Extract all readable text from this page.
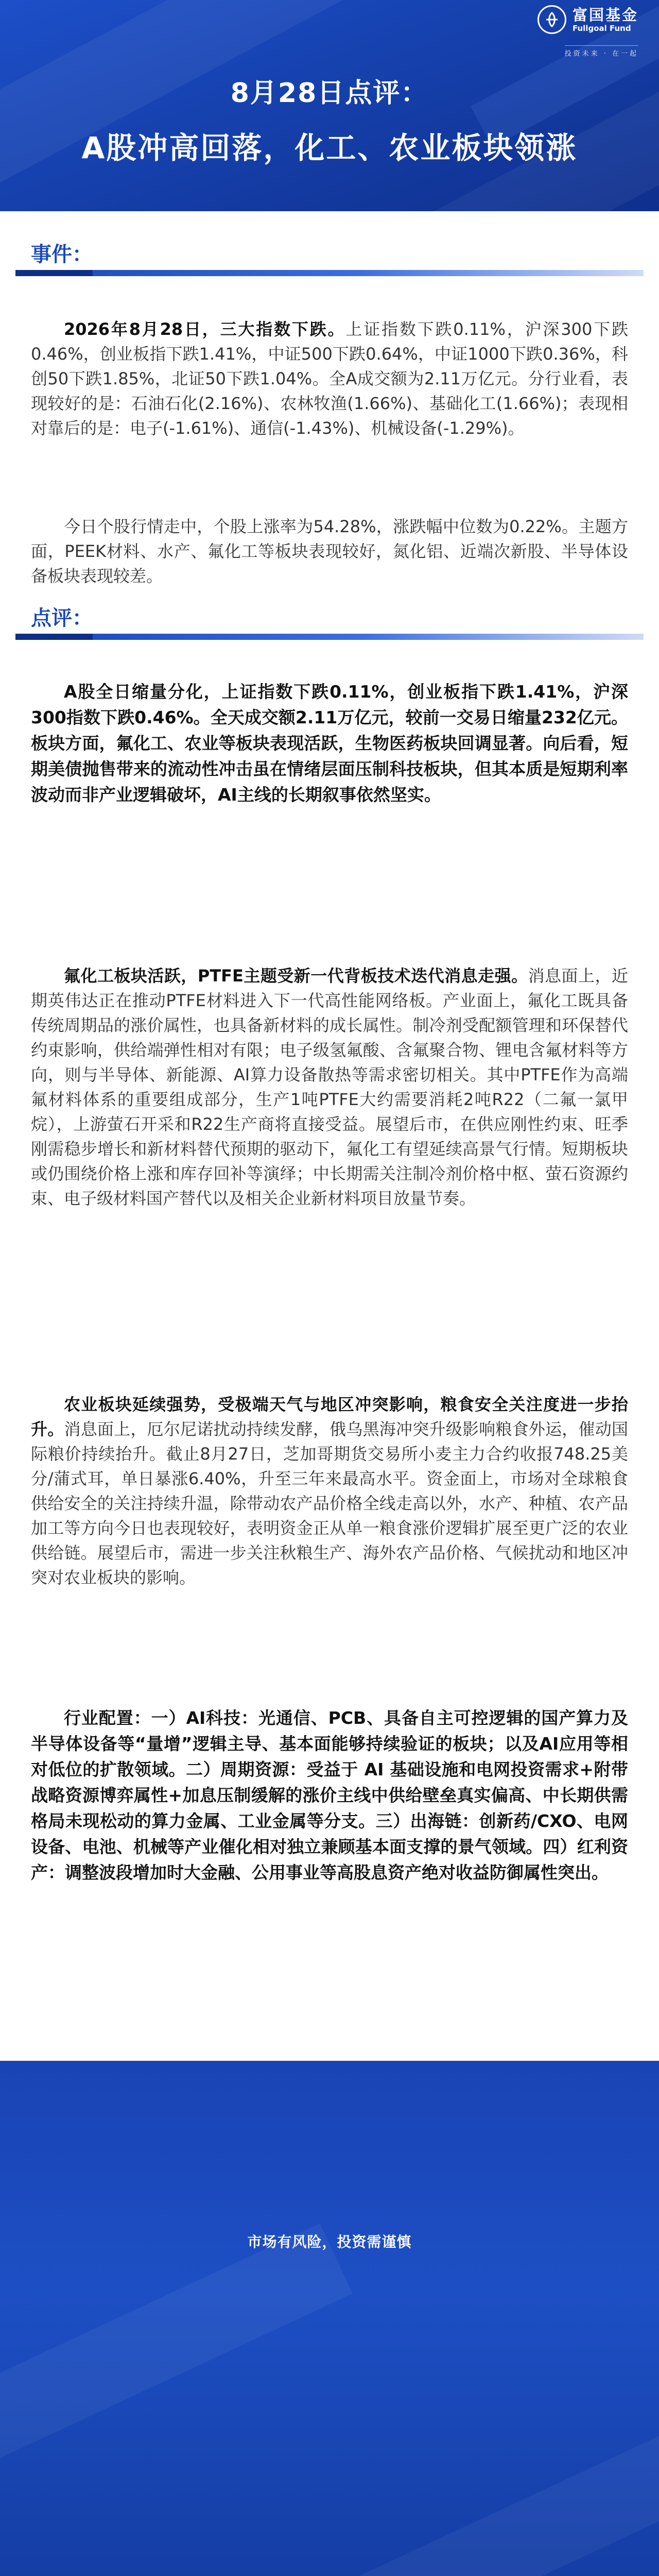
富国基金
Fullgoal Fund
投资未来 · 在一起
8月28日点评：
A股冲高回落，化工、农业板块领涨
事件：
2026年8月28日，三大指数下跌。上证指数下跌0.11%，沪深300下跌0.46%，创业板指下跌1.41%，中证500下跌0.64%，中证1000下跌0.36%，科创50下跌1.85%，北证50下跌1.04%。全A成交额为2.11万亿元。分行业看，表现较好的是：石油石化(2.16%)、农林牧渔(1.66%)、基础化工(1.66%)；表现相对靠后的是：电子(-1.61%)、通信(-1.43%)、机械设备(-1.29%)。
今日个股行情走中，个股上涨率为54.28%，涨跌幅中位数为0.22%。主题方面，PEEK材料、水产、氟化工等板块表现较好，氮化铝、近端次新股、半导体设备板块表现较差。
点评：
A股全日缩量分化，上证指数下跌0.11%，创业板指下跌1.41%，沪深300指数下跌0.46%。全天成交额2.11万亿元，较前一交易日缩量232亿元。板块方面，氟化工、农业等板块表现活跃，生物医药板块回调显著。向后看，短期美债抛售带来的流动性冲击虽在情绪层面压制科技板块，但其本质是短期利率波动而非产业逻辑破坏，AI主线的长期叙事依然坚实。
氟化工板块活跃，PTFE主题受新一代背板技术迭代消息走强。消息面上，近期英伟达正在推动PTFE材料进入下一代高性能网络板。产业面上，氟化工既具备传统周期品的涨价属性，也具备新材料的成长属性。制冷剂受配额管理和环保替代约束影响，供给端弹性相对有限；电子级氢氟酸、含氟聚合物、锂电含氟材料等方向，则与半导体、新能源、AI算力设备散热等需求密切相关。其中PTFE作为高端氟材料体系的重要组成部分，生产1吨PTFE大约需要消耗2吨R22（二氟一氯甲烷），上游萤石开采和R22生产商将直接受益。展望后市，在供应刚性约束、旺季刚需稳步增长和新材料替代预期的驱动下，氟化工有望延续高景气行情。短期板块或仍围绕价格上涨和库存回补等演绎；中长期需关注制冷剂价格中枢、萤石资源约束、电子级材料国产替代以及相关企业新材料项目放量节奏。
农业板块延续强势，受极端天气与地区冲突影响，粮食安全关注度进一步抬升。消息面上，厄尔尼诺扰动持续发酵，俄乌黑海冲突升级影响粮食外运，催动国际粮价持续抬升。截止8月27日，芝加哥期货交易所小麦主力合约收报748.25美分/蒲式耳，单日暴涨6.40%，升至三年来最高水平。资金面上，市场对全球粮食供给安全的关注持续升温，除带动农产品价格全线走高以外，水产、种植、农产品加工等方向今日也表现较好，表明资金正从单一粮食涨价逻辑扩展至更广泛的农业供给链。展望后市，需进一步关注秋粮生产、海外农产品价格、气候扰动和地区冲突对农业板块的影响。
行业配置：一）AI科技：光通信、PCB、具备自主可控逻辑的国产算力及半导体设备等“量增”逻辑主导、基本面能够持续验证的板块；以及AI应用等相对低位的扩散领域。二）周期资源：受益于 AI 基础设施和电网投资需求+附带战略资源博弈属性+加息压制缓解的涨价主线中供给壁垒真实偏高、中长期供需格局未现松动的算力金属、工业金属等分支。三）出海链：创新药/CXO、电网设备、电池、机械等产业催化相对独立兼顾基本面支撑的景气领域。四）红利资产：调整波段增加时大金融、公用事业等高股息资产绝对收益防御属性突出。
市场有风险，投资需谨慎
